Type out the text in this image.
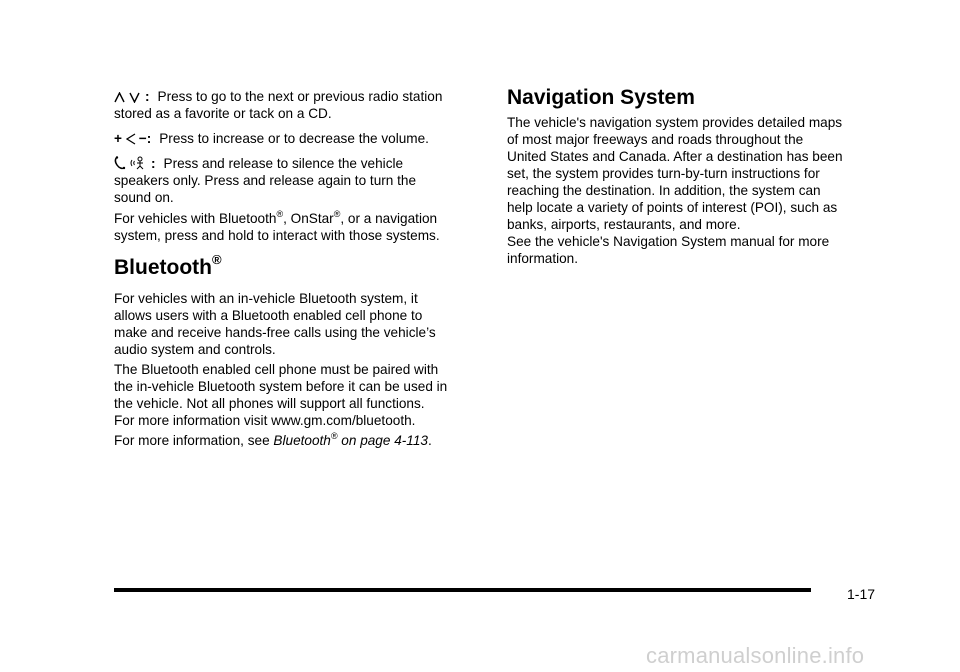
: Press to go to the next or previous radio station
stored as a favorite or tack on a CD.

+ −: Press to increase or to decrease the volume.

: Press and release to silence the vehicle
speakers only. Press and release again to turn the
sound on.

For vehicles with Bluetooth®, OnStar®, or a navigation
system, press and hold to interact with those systems.

Bluetooth®

For vehicles with an in-vehicle Bluetooth system, it
allows users with a Bluetooth enabled cell phone to
make and receive hands-free calls using the vehicle’s
audio system and controls.

The Bluetooth enabled cell phone must be paired with
the in-vehicle Bluetooth system before it can be used in
the vehicle. Not all phones will support all functions.
For more information visit www.gm.com/bluetooth.

For more information, see Bluetooth® on page 4-113.

Navigation System

The vehicle's navigation system provides detailed maps
of most major freeways and roads throughout the
United States and Canada. After a destination has been
set, the system provides turn-by-turn instructions for
reaching the destination. In addition, the system can
help locate a variety of points of interest (POI), such as
banks, airports, restaurants, and more.

See the vehicle's Navigation System manual for more
information.

1-17
carmanualsonline.info
